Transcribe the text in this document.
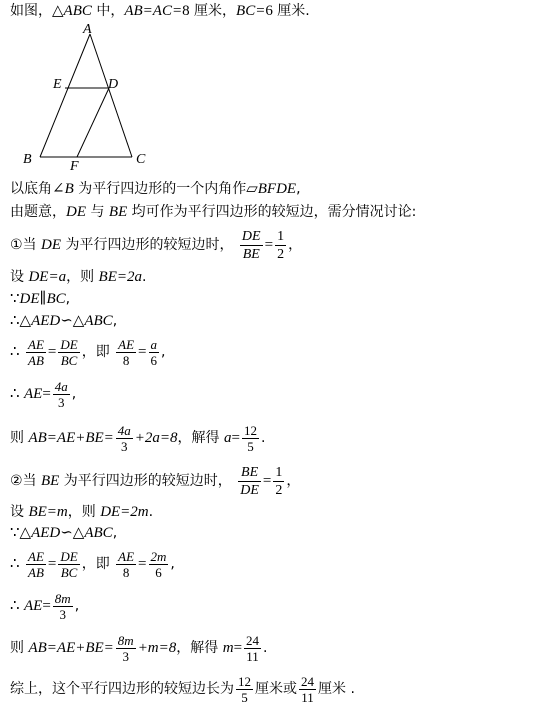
如图，△ABC 中，AB=AC=8 厘米，BC=6 厘米.
A
E	D
B	F	C
以底角∠B 为平行四边形的一个内角作▱BFDE,
由题意，DE 与 BE 均可作为平行四边形的较短边，需分情况讨论:
①当 DE 为平行四边形的较短边时， $\frac{DE}{BE} = \frac{1}{2}$ ，
设 DE=a，则 BE=2a.
∵DE∥BC,
∴△AED∽△ABC,
∴ $\frac{AE}{AB} = \frac{DE}{BC}$ ，即 $\frac{AE}{8} = \frac{a}{6}$ ,
∴ $AE= \frac{4a}{3}$ ,
则 $AB=AE+BE= \frac{4a}{3} +2a=8$，解得 $a= \frac{12}{5}$ .
②当 BE 为平行四边形的较短边时， $\frac{BE}{DE} = \frac{1}{2}$ ，
设 BE=m，则 DE=2m.
∵△AED∽△ABC,
∴ $\frac{AE}{AB} = \frac{DE}{BC}$ ，即 $\frac{AE}{8} = \frac{2m}{6}$ ,
∴ $AE= \frac{8m}{3}$ ,
则 $AB=AE+BE= \frac{8m}{3} +m=8$，解得 $m= \frac{24}{11}$ .
综上，这个平行四边形的较短边长为 $\frac{12}{5}$ 厘米或 $\frac{24}{11}$ 厘米 .
